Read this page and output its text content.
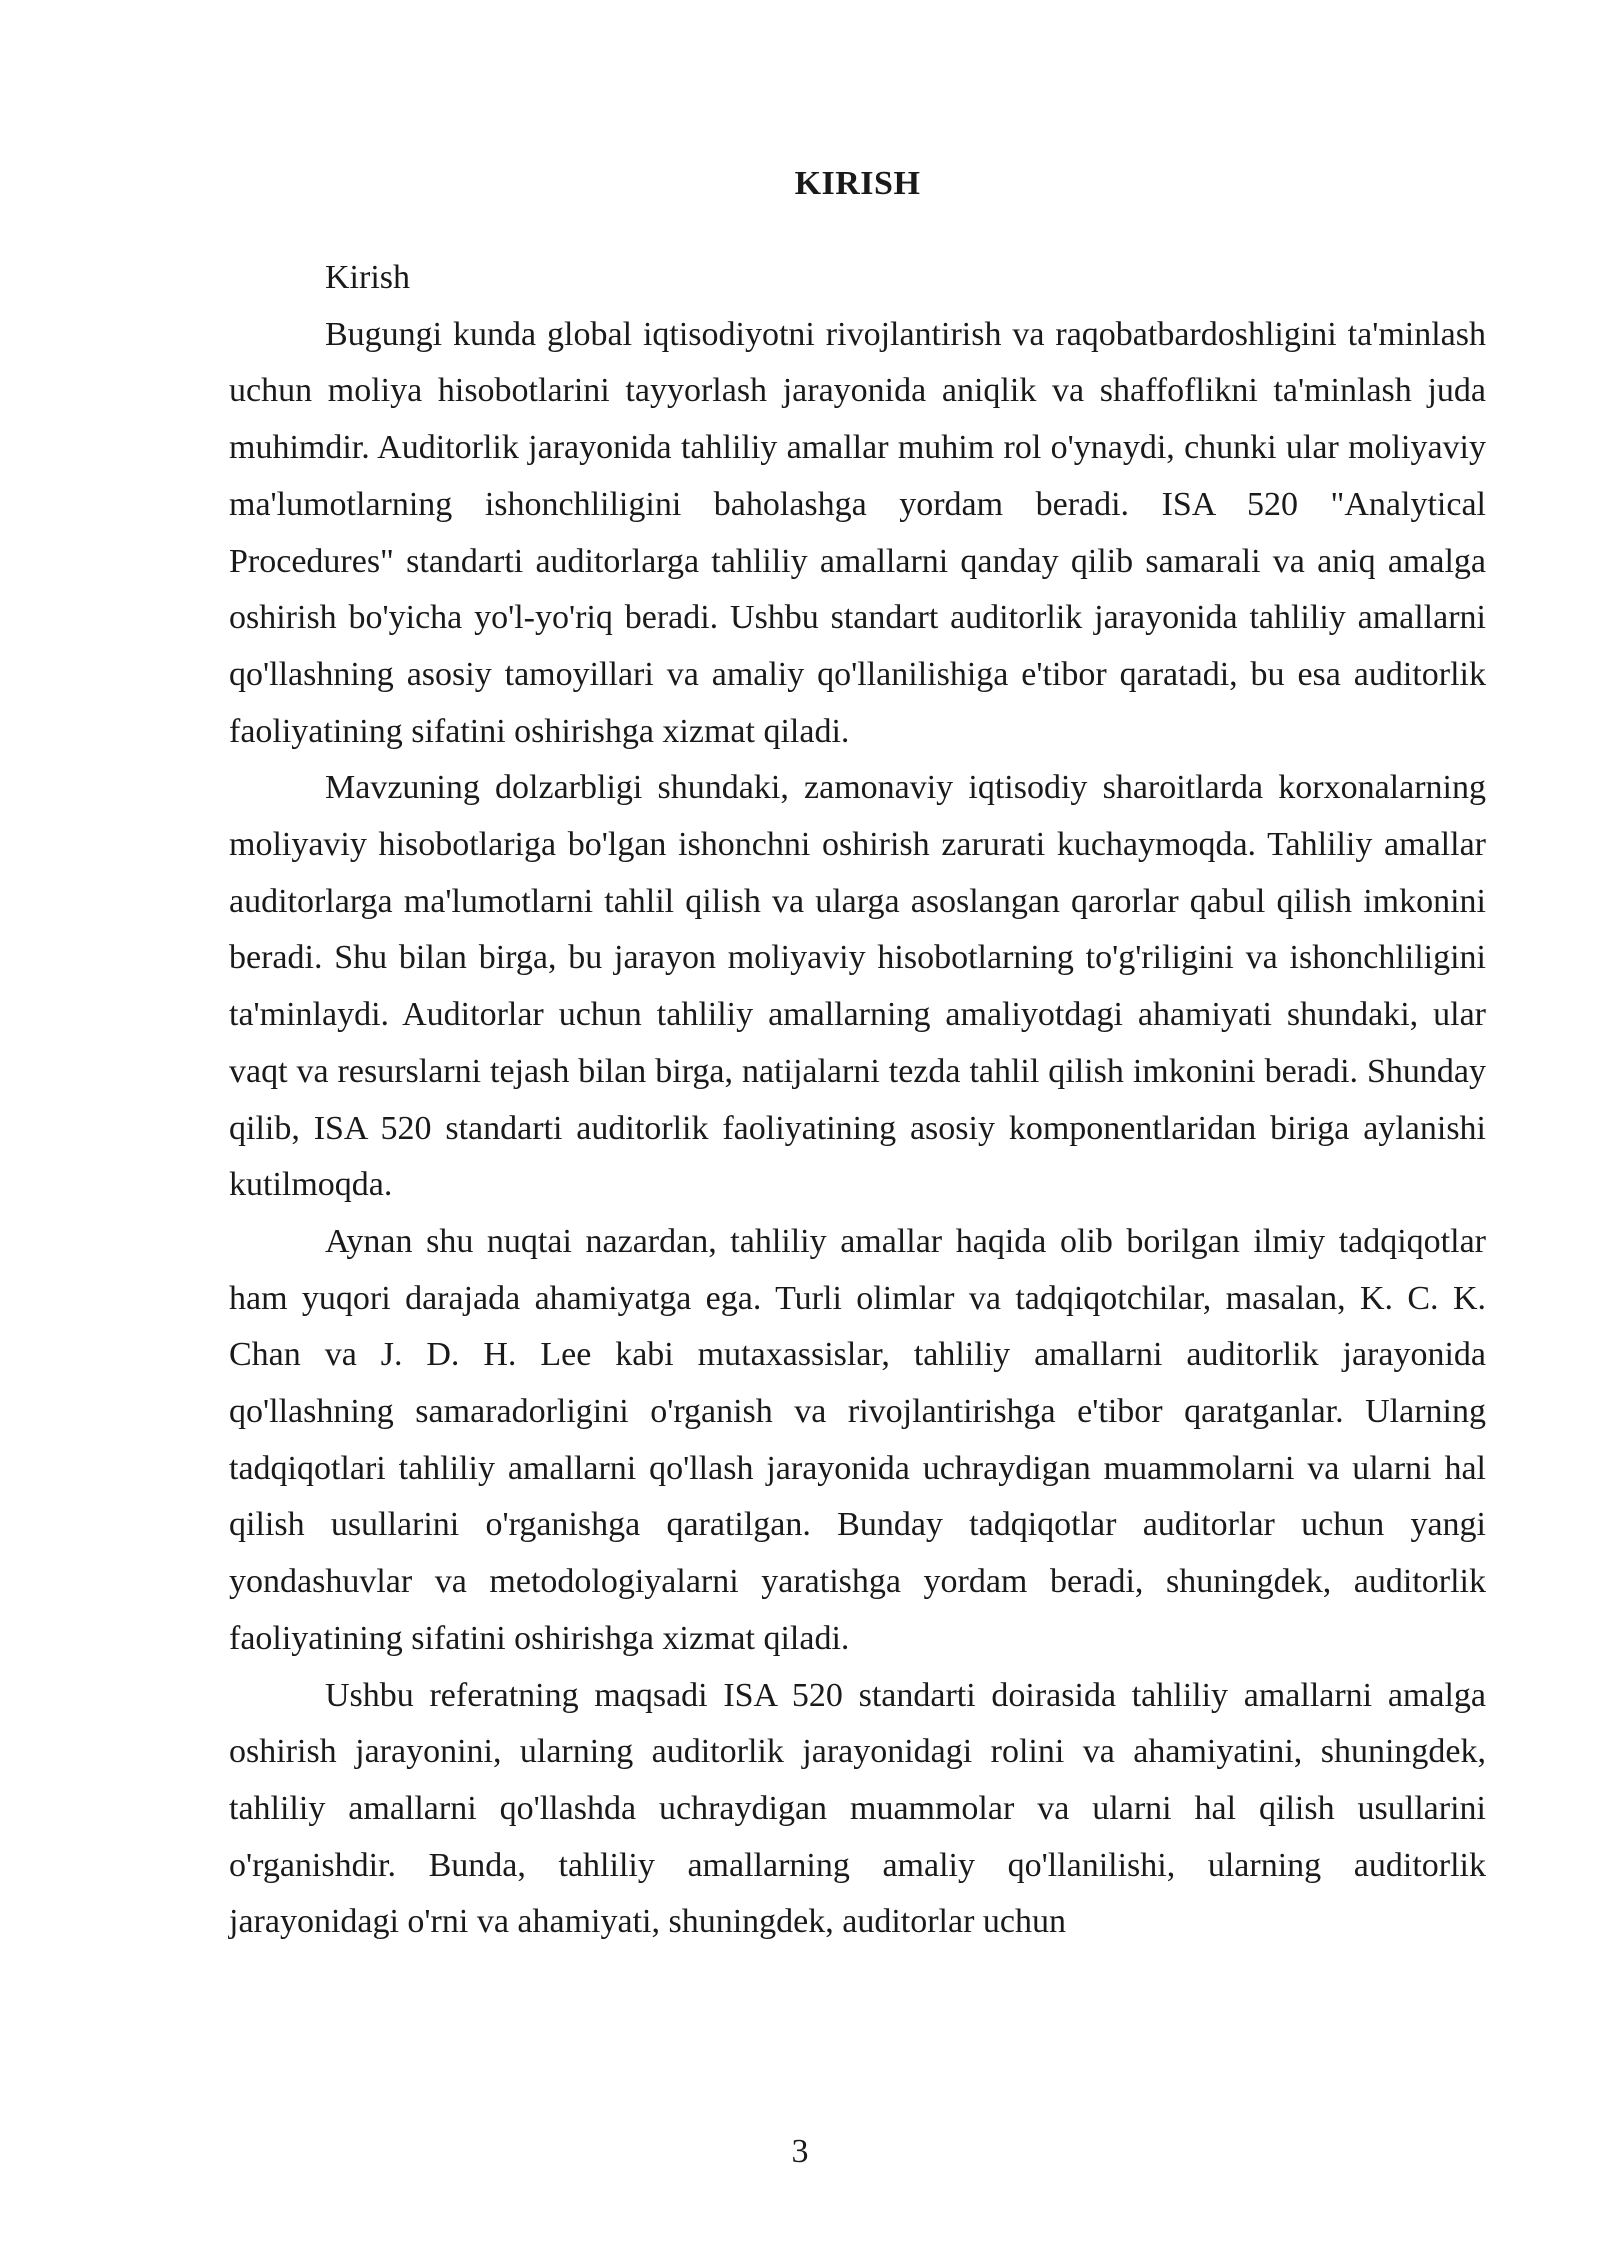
KIRISH

Kirish

Bugungi kunda global iqtisodiyotni rivojlantirish va raqobatbardoshligini ta'minlash uchun moliya hisobotlarini tayyorlash jarayonida aniqlik va shaffoflikni ta'minlash juda muhimdir. Auditorlik jarayonida tahliliy amallar muhim rol o'ynaydi, chunki ular moliyaviy ma'lumotlarning ishonchliligini baholashga yordam beradi. ISA 520 "Analytical Procedures" standarti auditorlarga tahliliy amallarni qanday qilib samarali va aniq amalga oshirish bo'yicha yo'l-yo'riq beradi. Ushbu standart auditorlik jarayonida tahliliy amallarni qo'llashning asosiy tamoyillari va amaliy qo'llanilishiga e'tibor qaratadi, bu esa auditorlik faoliyatining sifatini oshirishga xizmat qiladi.

Mavzuning dolzarbligi shundaki, zamonaviy iqtisodiy sharoitlarda korxonalarning moliyaviy hisobotlariga bo'lgan ishonchni oshirish zarurati kuchaymoqda. Tahliliy amallar auditorlarga ma'lumotlarni tahlil qilish va ularga asoslangan qarorlar qabul qilish imkonini beradi. Shu bilan birga, bu jarayon moliyaviy hisobotlarning to'g'riligini va ishonchliligini ta'minlaydi. Auditorlar uchun tahliliy amallarning amaliyotdagi ahamiyati shundaki, ular vaqt va resurslarni tejash bilan birga, natijalarni tezda tahlil qilish imkonini beradi. Shunday qilib, ISA 520 standarti auditorlik faoliyatining asosiy komponentlaridan biriga aylanishi kutilmoqda.

Aynan shu nuqtai nazardan, tahliliy amallar haqida olib borilgan ilmiy tadqiqotlar ham yuqori darajada ahamiyatga ega. Turli olimlar va tadqiqotchilar, masalan, K. C. K. Chan va J. D. H. Lee kabi mutaxassislar, tahliliy amallarni auditorlik jarayonida qo'llashning samaradorligini o'rganish va rivojlantirishga e'tibor qaratganlar. Ularning tadqiqotlari tahliliy amallarni qo'llash jarayonida uchraydigan muammolarni va ularni hal qilish usullarini o'rganishga qaratilgan. Bunday tadqiqotlar auditorlar uchun yangi yondashuvlar va metodologiyalarni yaratishga yordam beradi, shuningdek, auditorlik faoliyatining sifatini oshirishga xizmat qiladi.

Ushbu referatning maqsadi ISA 520 standarti doirasida tahliliy amallarni amalga oshirish jarayonini, ularning auditorlik jarayonidagi rolini va ahamiyatini, shuningdek, tahliliy amallarni qo'llashda uchraydigan muammolar va ularni hal qilish usullarini o'rganishdir. Bunda, tahliliy amallarning amaliy qo'llanilishi, ularning auditorlik jarayonidagi o'rni va ahamiyati, shuningdek, auditorlar uchun

3
